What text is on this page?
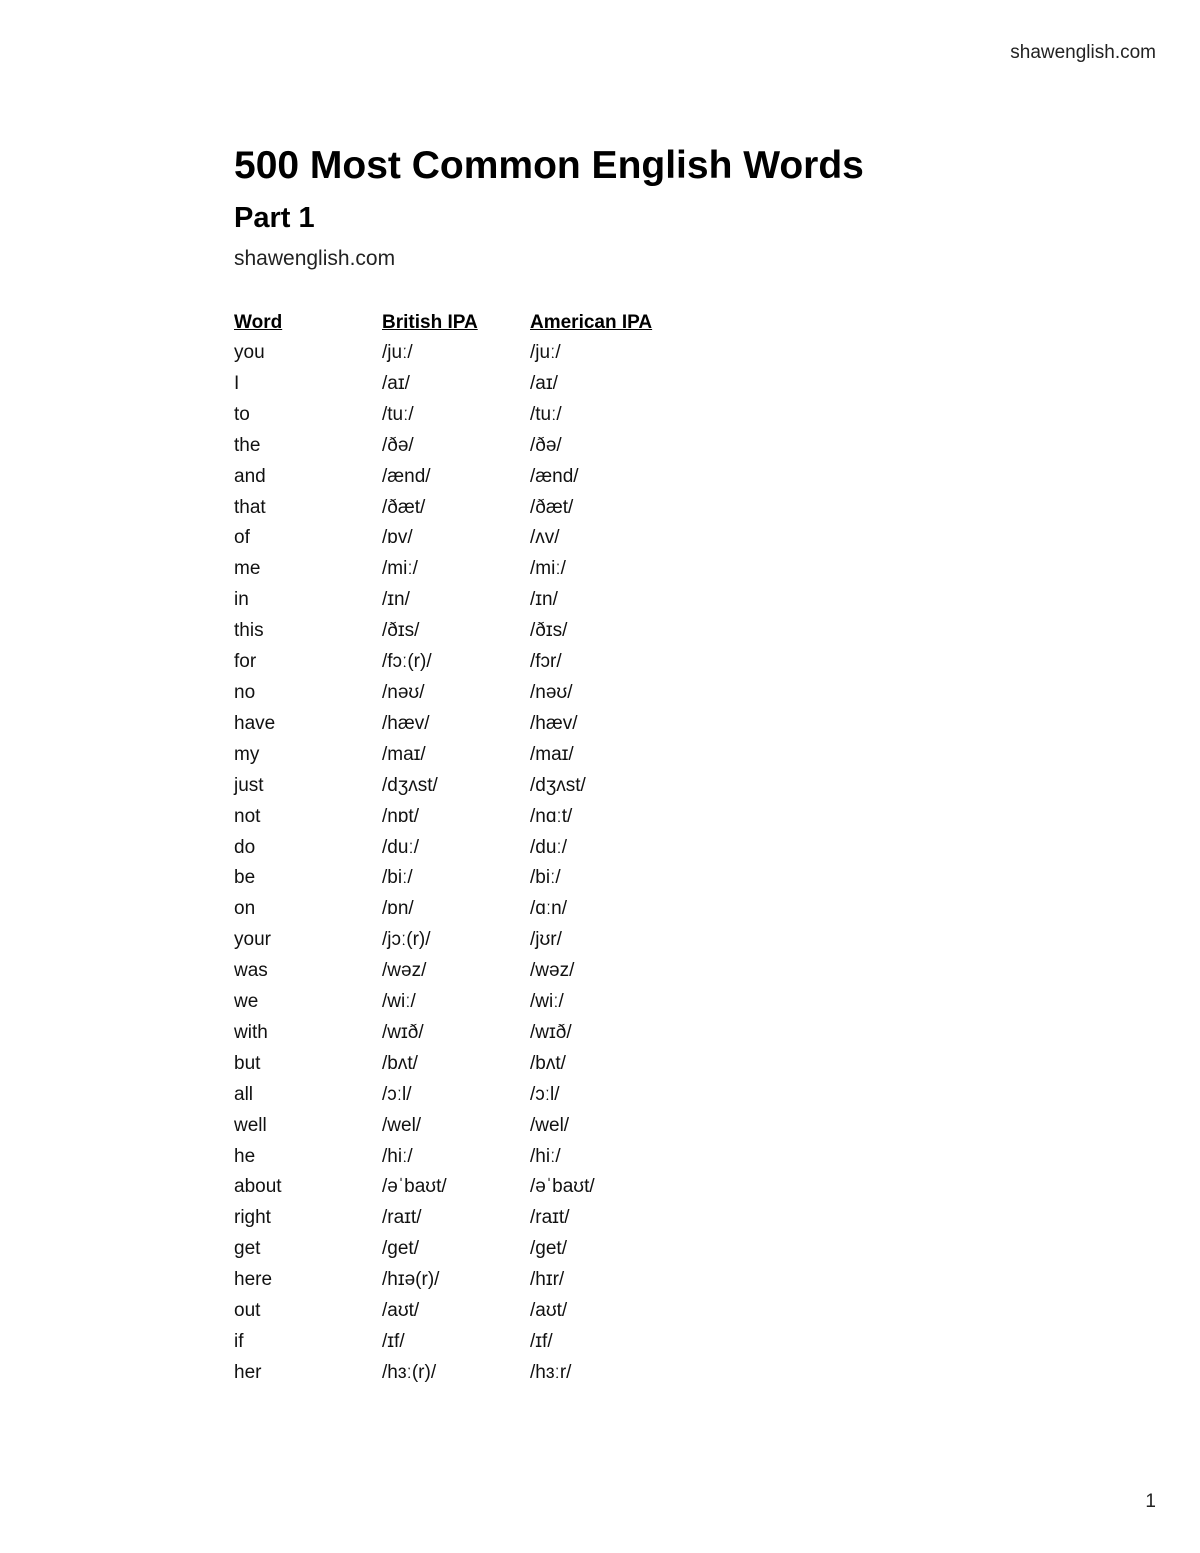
shawenglish.com
500 Most Common English Words
Part 1
shawenglish.com
Word	British IPA	American IPA
you	/juː/	/juː/
I	/aɪ/	/aɪ/
to	/tuː/	/tuː/
the	/ðə/	/ðə/
and	/ænd/	/ænd/
that	/ðæt/	/ðæt/
of	/ɒv/	/ʌv/
me	/miː/	/miː/
in	/ɪn/	/ɪn/
this	/ðɪs/	/ðɪs/
for	/fɔː(r)/	/fɔr/
no	/nəʊ/	/nəʊ/
have	/hæv/	/hæv/
my	/maɪ/	/maɪ/
just	/dʒʌst/	/dʒʌst/
not	/nɒt/	/nɑːt/
do	/duː/	/duː/
be	/biː/	/biː/
on	/ɒn/	/ɑːn/
your	/jɔː(r)/	/jʊr/
was	/wəz/	/wəz/
we	/wiː/	/wiː/
with	/wɪð/	/wɪð/
but	/bʌt/	/bʌt/
all	/ɔːl/	/ɔːl/
well	/wel/	/wel/
he	/hiː/	/hiː/
about	/əˈbaʊt/	/əˈbaʊt/
right	/raɪt/	/raɪt/
get	/get/	/get/
here	/hɪə(r)/	/hɪr/
out	/aʊt/	/aʊt/
if	/ɪf/	/ɪf/
her	/hɜː(r)/	/hɜːr/
1
